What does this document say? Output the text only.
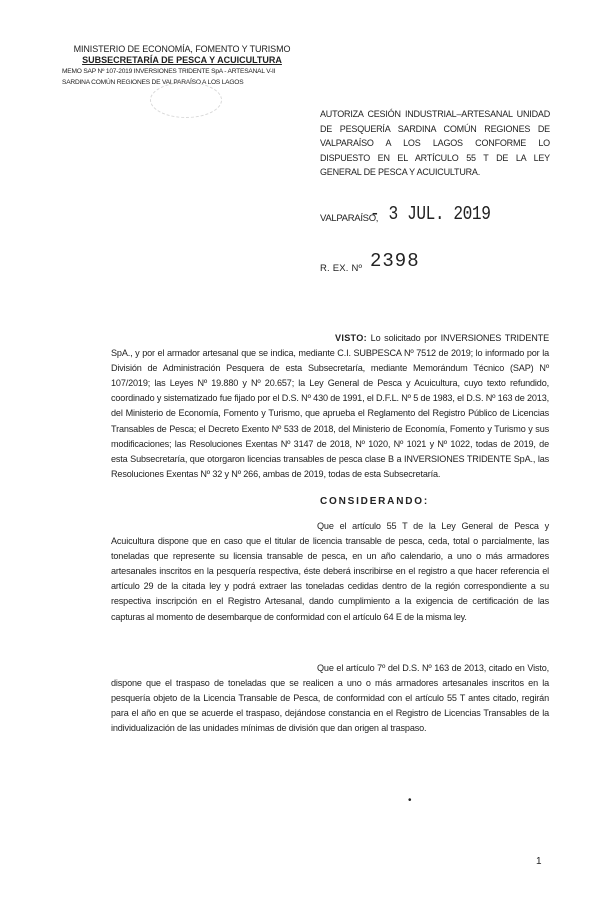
MINISTERIO DE ECONOMÍA, FOMENTO Y TURISMO
SUBSECRETARÍA DE PESCA Y ACUICULTURA
MEMO SAP Nº 107-2019 INVERSIONES TRIDENTE SpA - ARTESANAL V-II
SARDINA COMÚN REGIONES DE VALPARAÍSO A LOS LAGOS
AUTORIZA CESIÓN INDUSTRIAL–ARTESANAL UNIDAD DE PESQUERÍA SARDINA COMÚN REGIONES DE VALPARAÍSO A LOS LAGOS CONFORME LO DISPUESTO EN EL ARTÍCULO 55 T DE LA LEY GENERAL DE PESCA Y ACUICULTURA.
VALPARAÍSO,
- 3 JUL. 2019
R. EX. Nº 2398
VISTO: Lo solicitado por INVERSIONES TRIDENTE SpA., y por el armador artesanal que se indica, mediante C.I. SUBPESCA Nº 7512 de 2019; lo informado por la División de Administración Pesquera de esta Subsecretaría, mediante Memorándum Técnico (SAP) Nº 107/2019; las Leyes Nº 19.880 y Nº 20.657; la Ley General de Pesca y Acuicultura, cuyo texto refundido, coordinado y sistematizado fue fijado por el D.S. Nº 430 de 1991, el D.F.L. Nº 5 de 1983, el D.S. Nº 163 de 2013, del Ministerio de Economía, Fomento y Turismo, que aprueba el Reglamento del Registro Público de Licencias Transables de Pesca; el Decreto Exento Nº 533 de 2018, del Ministerio de Economía, Fomento y Turismo y sus modificaciones; las Resoluciones Exentas Nº 3147 de 2018, Nº 1020, Nº 1021 y Nº 1022, todas de 2019, de esta Subsecretaría, que otorgaron licencias transables de pesca clase B a INVERSIONES TRIDENTE SpA., las Resoluciones Exentas Nº 32 y Nº 266, ambas de 2019, todas de esta Subsecretaría.
CONSIDERANDO:
Que el artículo 55 T de la Ley General de Pesca y Acuicultura dispone que en caso que el titular de licencia transable de pesca, ceda, total o parcialmente, las toneladas que represente su licensia transable de pesca, en un año calendario, a uno o más armadores artesanales inscritos en la pesquería respectiva, éste deberá inscribirse en el registro a que hacer referencia el artículo 29 de la citada ley y podrá extraer las toneladas cedidas dentro de la región correspondiente a su respectiva inscripción en el Registro Artesanal, dando cumplimiento a la exigencia de certificación de las capturas al momento de desembarque de conformidad con el artículo 64 E de la misma ley.
Que el artículo 7º del D.S. Nº 163 de 2013, citado en Visto, dispone que el traspaso de toneladas que se realicen a uno o más armadores artesanales inscritos en la pesquería objeto de la Licencia Transable de Pesca, de conformidad con el artículo 55 T antes citado, regirán para el año en que se acuerde el traspaso, dejándose constancia en el Registro de Licencias Transables de la individualización de las unidades mínimas de división que dan origen al traspaso.
•
1
